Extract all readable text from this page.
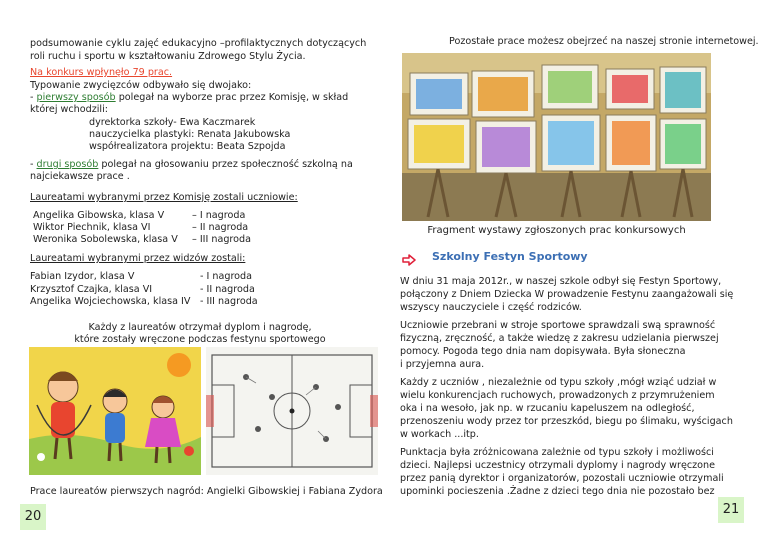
podsumowanie cyklu zajęć edukacyjno –profilaktycznych dotyczących

roli ruchu i sportu w kształtowaniu Zdrowego Stylu Życia.

Na konkurs wpłynęło 79 prac.

Typowanie zwycięzców odbywało się dwojako:

- pierwszy sposób polegał na wyborze prac przez Komisję, w skład

której wchodzili:

dyrektorka szkoły- Ewa Kaczmarek

nauczycielka plastyki: Renata Jakubowska

współrealizatora projektu: Beata Szpojda

- drugi sposób polegał na głosowaniu przez społeczność szkolną na

najciekawsze prace .

Laureatami wybranymi przez Komisję zostali uczniowie:

Angelika Gibowska, klasa V	– I nagroda

Wiktor Piechnik, klasa VI	– II nagroda

Weronika Sobolewska, klasa V – III nagroda

Laureatami wybranymi przez widzów zostali:

Fabian Izydor, klasa V	- I nagroda

Krzysztof Czajka, klasa VI	- II nagroda

Angelika Wojciechowska, klasa IV - III nagroda

Każdy z laureatów otrzymał dyplom i nagrodę,

które zostały wręczone podczas festynu sportowego

Prace laureatów pierwszych nagród: Angielki Gibowskiej i Fabiana Zydora

20

Pozostałe prace możesz obejrzeć na naszej stronie internetowej.

Fragment wystawy zgłoszonych prac konkursowych

Szkolny Festyn Sportowy

W dniu 31 maja 2012r., w naszej szkole odbył się Festyn Sportowy,

połączony z Dniem Dziecka W prowadzenie Festynu zaangażowali się

wszyscy nauczyciele i część rodziców.

Uczniowie przebrani w stroje sportowe sprawdzali swą sprawność

fizyczną, zręczność, a także wiedzę z zakresu udzielania pierwszej

pomocy. Pogoda tego dnia nam dopisywała. Była słoneczna

i przyjemna aura.

Każdy z uczniów , niezależnie od typu szkoły ,mógł wziąć udział w

wielu konkurencjach ruchowych, prowadzonych z przymrużeniem

oka i na wesoło, jak np. w rzucaniu kapeluszem na odległość,

przenoszeniu wody przez tor przeszkód, biegu po ślimaku, wyścigach

w workach ...itp.

Punktacja była zróżnicowana zależnie od typu szkoły i możliwości

dzieci. Najlepsi uczestnicy otrzymali dyplomy i nagrody wręczone

przez panią dyrektor i organizatorów, pozostali uczniowie otrzymali

upominki pocieszenia .Żadne z dzieci tego dnia nie pozostało bez

21
